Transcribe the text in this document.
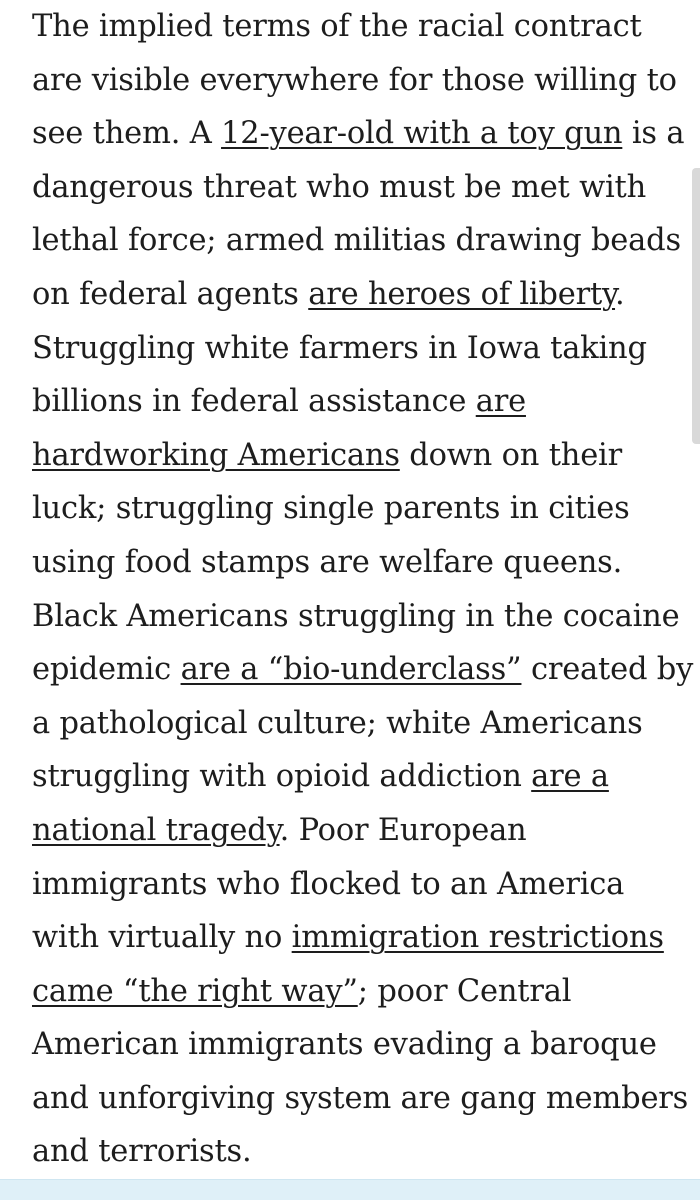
The implied terms of the racial contract
are visible everywhere for those willing to
see them. A 12-year-old with a toy gun is a
dangerous threat who must be met with
lethal force; armed militias drawing beads
on federal agents are heroes of liberty.
Struggling white farmers in Iowa taking
billions in federal assistance are
hardworking Americans down on their
luck; struggling single parents in cities
using food stamps are welfare queens.
Black Americans struggling in the cocaine
epidemic are a “bio-underclass” created by
a pathological culture; white Americans
struggling with opioid addiction are a
national tragedy. Poor European
immigrants who flocked to an America
with virtually no immigration restrictions
came “the right way”; poor Central
American immigrants evading a baroque
and unforgiving system are gang members
and terrorists.
